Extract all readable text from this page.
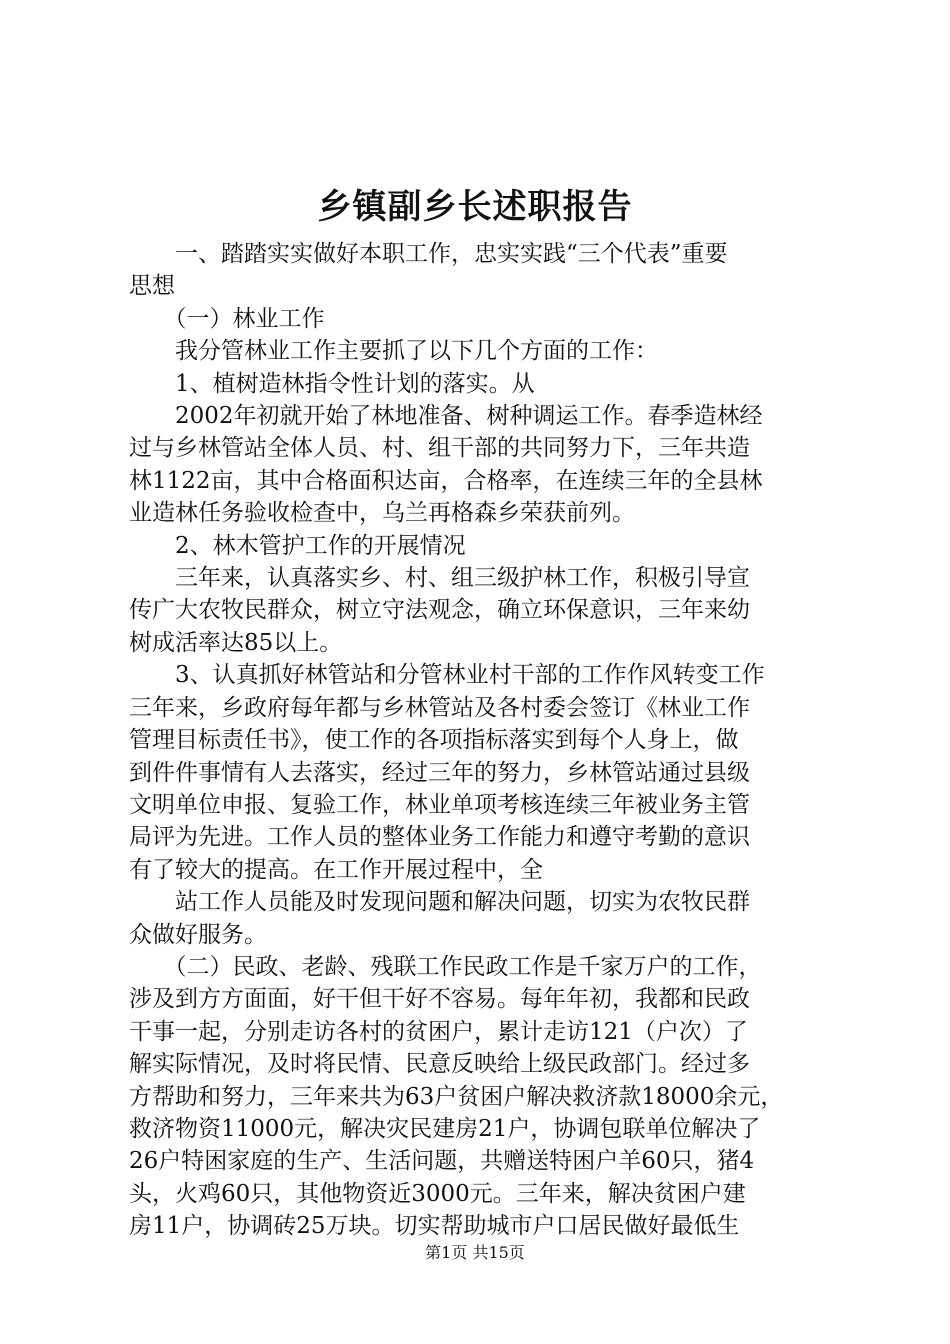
乡镇副乡长述职报告

　　一、踏踏实实做好本职工作，忠实实践“三个代表”重要

思想

　　（一）林业工作

　　我分管林业工作主要抓了以下几个方面的工作：

　　1、植树造林指令性计划的落实。从

　　2002年初就开始了林地准备、树种调运工作。春季造林经

过与乡林管站全体人员、村、组干部的共同努力下，三年共造

林1122亩，其中合格面积达亩，合格率，在连续三年的全县林

业造林任务验收检查中，乌兰再格森乡荣获前列。

　　2、林木管护工作的开展情况

　　三年来，认真落实乡、村、组三级护林工作，积极引导宣

传广大农牧民群众，树立守法观念，确立环保意识，三年来幼

树成活率达85以上。

　　3、认真抓好林管站和分管林业村干部的工作作风转变工作

三年来，乡政府每年都与乡林管站及各村委会签订《林业工作

管理目标责任书》，使工作的各项指标落实到每个人身上，做

到件件事情有人去落实，经过三年的努力，乡林管站通过县级

文明单位申报、复验工作，林业单项考核连续三年被业务主管

局评为先进。工作人员的整体业务工作能力和遵守考勤的意识

有了较大的提高。在工作开展过程中，全

　　站工作人员能及时发现问题和解决问题，切实为农牧民群

众做好服务。

　　（二）民政、老龄、残联工作民政工作是千家万户的工作，

涉及到方方面面，好干但干好不容易。每年年初，我都和民政

干事一起，分别走访各村的贫困户，累计走访121（户次）了

解实际情况，及时将民情、民意反映给上级民政部门。经过多

方帮助和努力，三年来共为63户贫困户解决救济款18000余元，

救济物资11000元，解决灾民建房21户，协调包联单位解决了

26户特困家庭的生产、生活问题，共赠送特困户羊60只，猪4

头，火鸡60只，其他物资近3000元。三年来，解决贫困户建

房11户，协调砖25万块。切实帮助城市户口居民做好最低生

第1页 共15页
